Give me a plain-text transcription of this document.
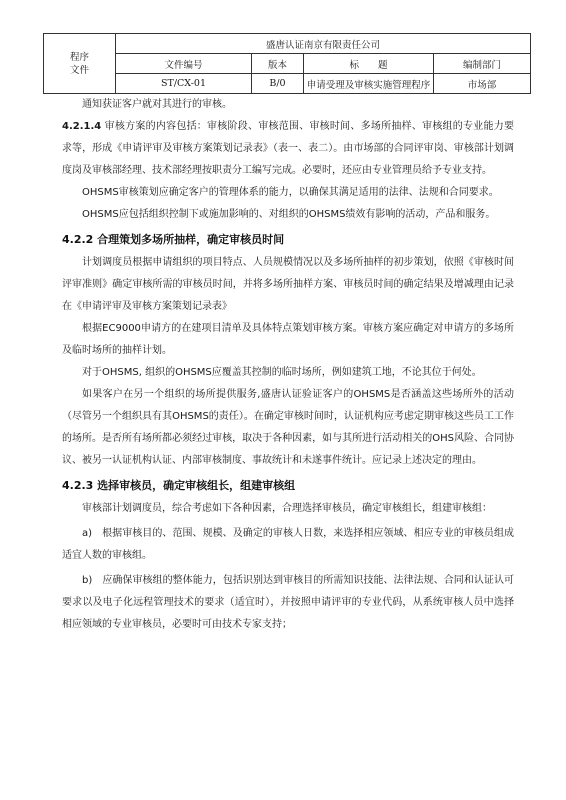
程序
文件	盛唐认证南京有限责任公司			
	文件编号	版本	标　　题	编制部门
	ST/CX-01	B/0	申请受理及审核实施管理程序	市场部

通知获证客户就对其进行的审核。

4.2.1.4 审核方案的内容包括：审核阶段、审核范围、审核时间、多场所抽样、审核组的专业能力要求等，形成《申请评审及审核方案策划记录表》（表一、表二）。由市场部的合同评审岗、审核部计划调度岗及审核部经理、技术部经理按职责分工编写完成。必要时，还应由专业管理员给予专业支持。

OHSMS审核策划应确定客户的管理体系的能力，以确保其满足适用的法律、法规和合同要求。

OHSMS应包括组织控制下或施加影响的、对组织的OHSMS绩效有影响的活动，产品和服务。

4.2.2 合理策划多场所抽样，确定审核员时间

计划调度员根据申请组织的项目特点、人员规模情况以及多场所抽样的初步策划，依照《审核时间评审准则》确定审核所需的审核员时间，并将多场所抽样方案、审核员时间的确定结果及增减理由记录在《申请评审及审核方案策划记录表》

根据EC9000申请方的在建项目清单及具体特点策划审核方案。审核方案应确定对申请方的多场所及临时场所的抽样计划。

对于OHSMS, 组织的OHSMS应覆盖其控制的临时场所，例如建筑工地，不论其位于何处。

如果客户在另一个组织的场所提供服务,盛唐认证验证客户的OHSMS是否涵盖这些场所外的活动（尽管另一个组织具有其OHSMS的责任）。在确定审核时间时，认证机构应考虑定期审核这些员工工作的场所。是否所有场所都必须经过审核，取决于各种因素，如与其所进行活动相关的OHS风险、合同协议、被另一认证机构认证、内部审核制度、事故统计和未遂事件统计。应记录上述决定的理由。

4.2.3 选择审核员，确定审核组长，组建审核组

审核部计划调度员，综合考虑如下各种因素，合理选择审核员，确定审核组长，组建审核组：

a)　根据审核目的、范围、规模、及确定的审核人日数，来选择相应领域、相应专业的审核员组成适宜人数的审核组。

b)　应确保审核组的整体能力，包括识别达到审核目的所需知识技能、法律法规、合同和认证认可要求以及电子化远程管理技术的要求（适宜时），并按照申请评审的专业代码，从系统审核人员中选择相应领域的专业审核员，必要时可由技术专家支持；
